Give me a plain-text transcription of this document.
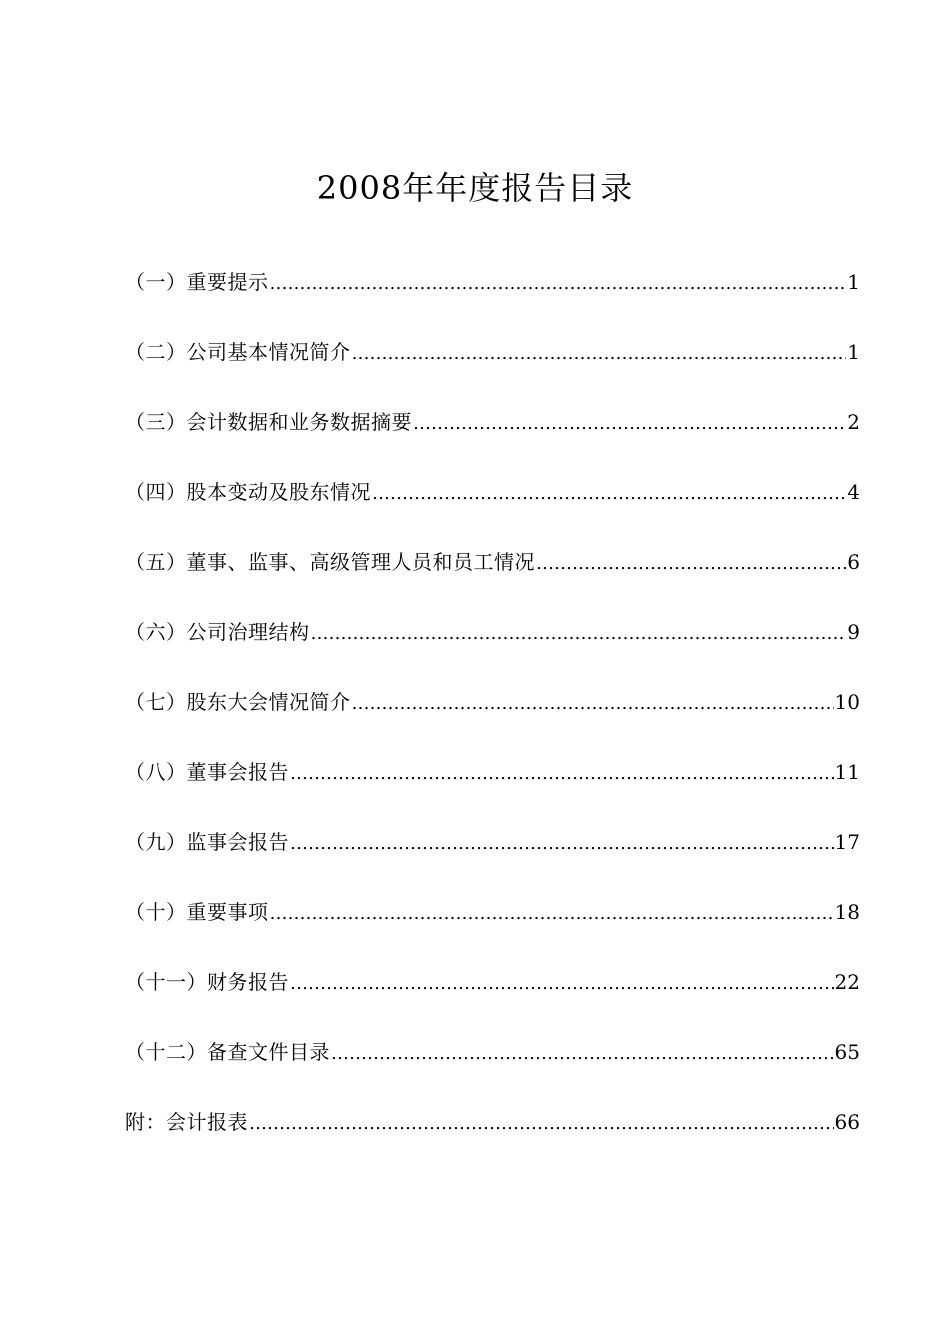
2008年年度报告目录
（一）重要提示 ………………………………………………………………………………………………………………………………………………………………	1
（二）公司基本情况简介 ………………………………………………………………………………………………………………………………………………………………	1
（三）会计数据和业务数据摘要 ………………………………………………………………………………………………………………………………………………………………	2
（四）股本变动及股东情况 ………………………………………………………………………………………………………………………………………………………………	4
（五）董事、监事、高级管理人员和员工情况 ………………………………………………………………………………………………………………………………………………………………	6
（六）公司治理结构 ………………………………………………………………………………………………………………………………………………………………	9
（七）股东大会情况简介 ………………………………………………………………………………………………………………………………………………………………	10
（八）董事会报告 ………………………………………………………………………………………………………………………………………………………………	11
（九）监事会报告 ………………………………………………………………………………………………………………………………………………………………	17
（十）重要事项 ………………………………………………………………………………………………………………………………………………………………	18
（十一）财务报告 ………………………………………………………………………………………………………………………………………………………………	22
（十二）备查文件目录 ………………………………………………………………………………………………………………………………………………………………	65
附：会计报表 ………………………………………………………………………………………………………………………………………………………………	66
